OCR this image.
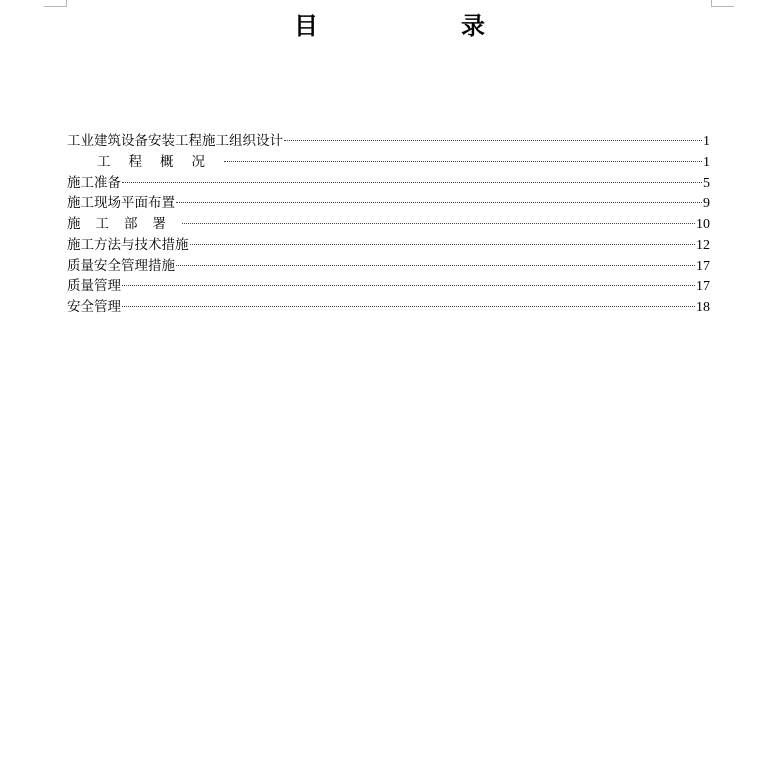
目	录
工业建筑设备安装工程施工组织设计	1
工程概况	1
施工准备	5
施工现场平面布置	9
施工部署	10
施工方法与技术措施	12
质量安全管理措施	17
质量管理	17
安全管理	18
